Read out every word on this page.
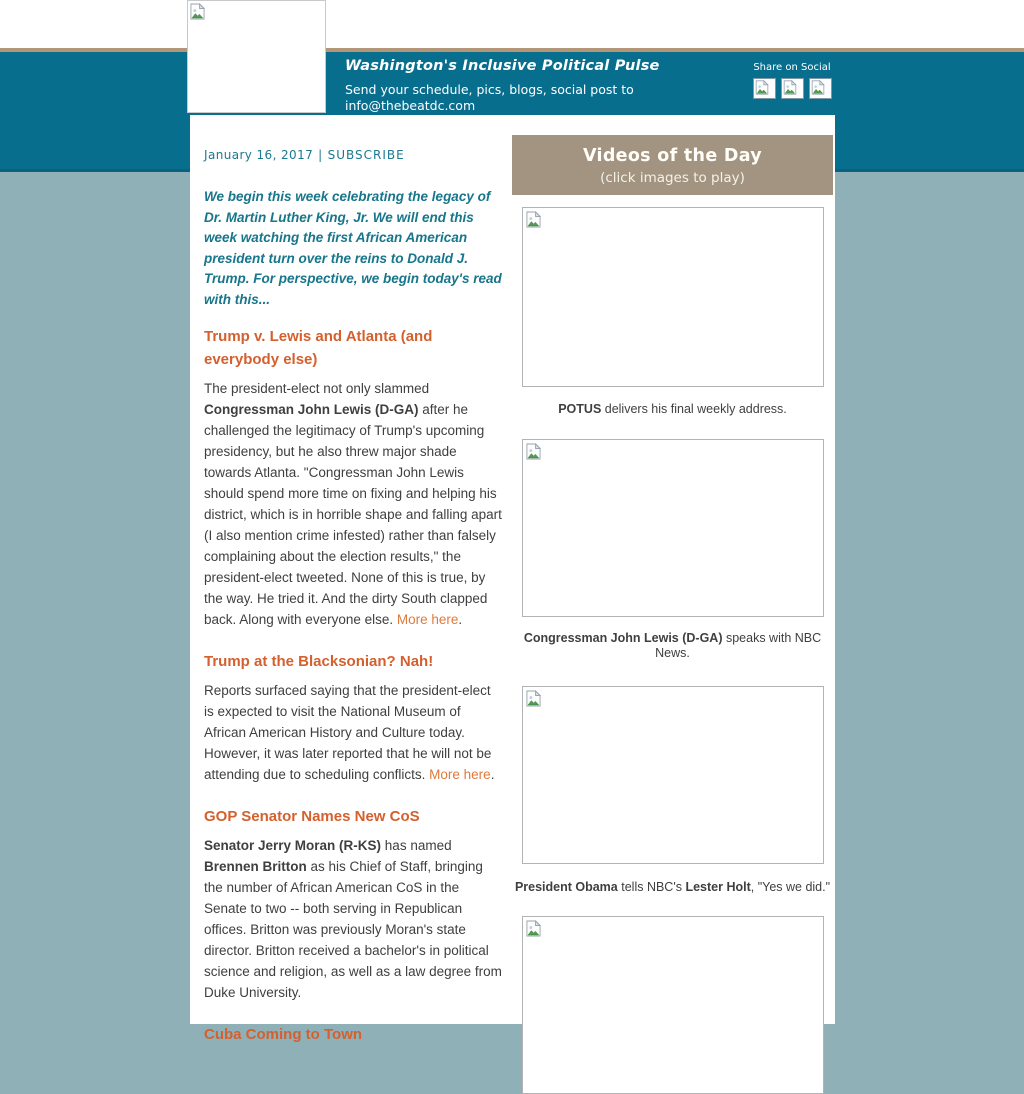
Washington's Inclusive Political Pulse
Send your schedule, pics, blogs, social post to
info@thebeatdc.com
Share on Social
January 16, 2017 | SUBSCRIBE
We begin this week celebrating the legacy of Dr. Martin Luther King, Jr. We will end this week watching the first African American president turn over the reins to Donald J. Trump. For perspective, we begin today's read with this...
Trump v. Lewis and Atlanta (and everybody else)

The president-elect not only slammed Congressman John Lewis (D-GA) after he challenged the legitimacy of Trump's upcoming presidency, but he also threw major shade towards Atlanta. "Congressman John Lewis should spend more time on fixing and helping his district, which is in horrible shape and falling apart (I also mention crime infested) rather than falsely complaining about the election results," the president-elect tweeted. None of this is true, by the way. He tried it. And the dirty South clapped back. Along with everyone else. More here.

Trump at the Blacksonian? Nah!

Reports surfaced saying that the president-elect is expected to visit the National Museum of African American History and Culture today. However, it was later reported that he will not be attending due to scheduling conflicts. More here.

GOP Senator Names New CoS

Senator Jerry Moran (R-KS) has named Brennen Britton as his Chief of Staff, bringing the number of African American CoS in the Senate to two -- both serving in Republican offices. Britton was previously Moran's state director. Britton received a bachelor's in political science and religion, as well as a law degree from Duke University.

Cuba Coming to Town
Videos of the Day
(click images to play)
POTUS delivers his final weekly address.
Congressman John Lewis (D-GA) speaks with NBC News.
President Obama tells NBC's Lester Holt, "Yes we did."
